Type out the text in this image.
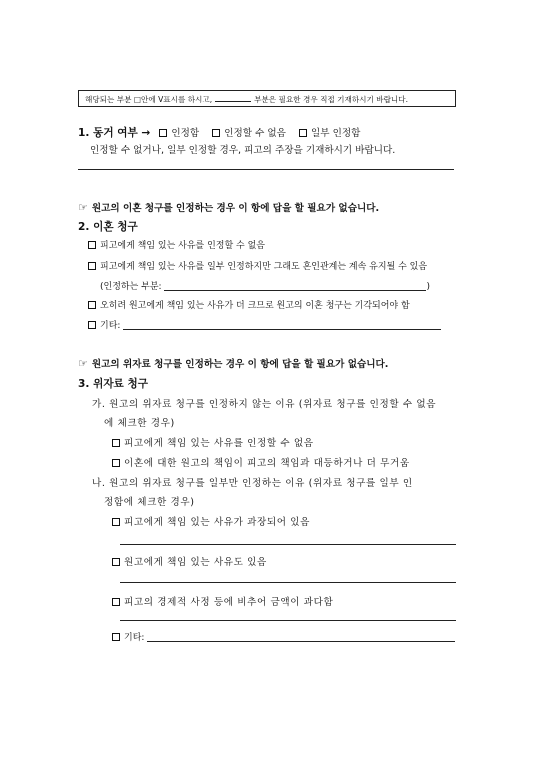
해당되는 부분 □안에 V표시를 하시고,	부분은 필요한 경우 직접 기재하시기 바랍니다.
1. 동거 여부 → 인정함	인정할 수 없음	일부 인정함
인정할 수 없거나, 일부 인정할 경우, 피고의 주장을 기재하시기 바랍니다.
☞ 원고의 이혼 청구를 인정하는 경우 이 항에 답을 할 필요가 없습니다.
2. 이혼 청구
피고에게 책임 있는 사유를 인정할 수 없음
피고에게 책임 있는 사유를 일부 인정하지만 그래도 혼인관계는 계속 유지될 수 있음
(인정하는 부분:	)
오히려 원고에게 책임 있는 사유가 더 크므로 원고의 이혼 청구는 기각되어야 함
기타:
☞ 원고의 위자료 청구를 인정하는 경우 이 항에 답을 할 필요가 없습니다.
3. 위자료 청구
가. 원고의 위자료 청구를 인정하지 않는 이유 (위자료 청구를 인정할 수 없음
에 체크한 경우)
피고에게 책임 있는 사유를 인정할 수 없음
이혼에 대한 원고의 책임이 피고의 책임과 대등하거나 더 무거움
나. 원고의 위자료 청구를 일부만 인정하는 이유 (위자료 청구를 일부 인
정함에 체크한 경우)
피고에게 책임 있는 사유가 과장되어 있음
원고에게 책임 있는 사유도 있음
피고의 경제적 사정 등에 비추어 금액이 과다함
기타:
